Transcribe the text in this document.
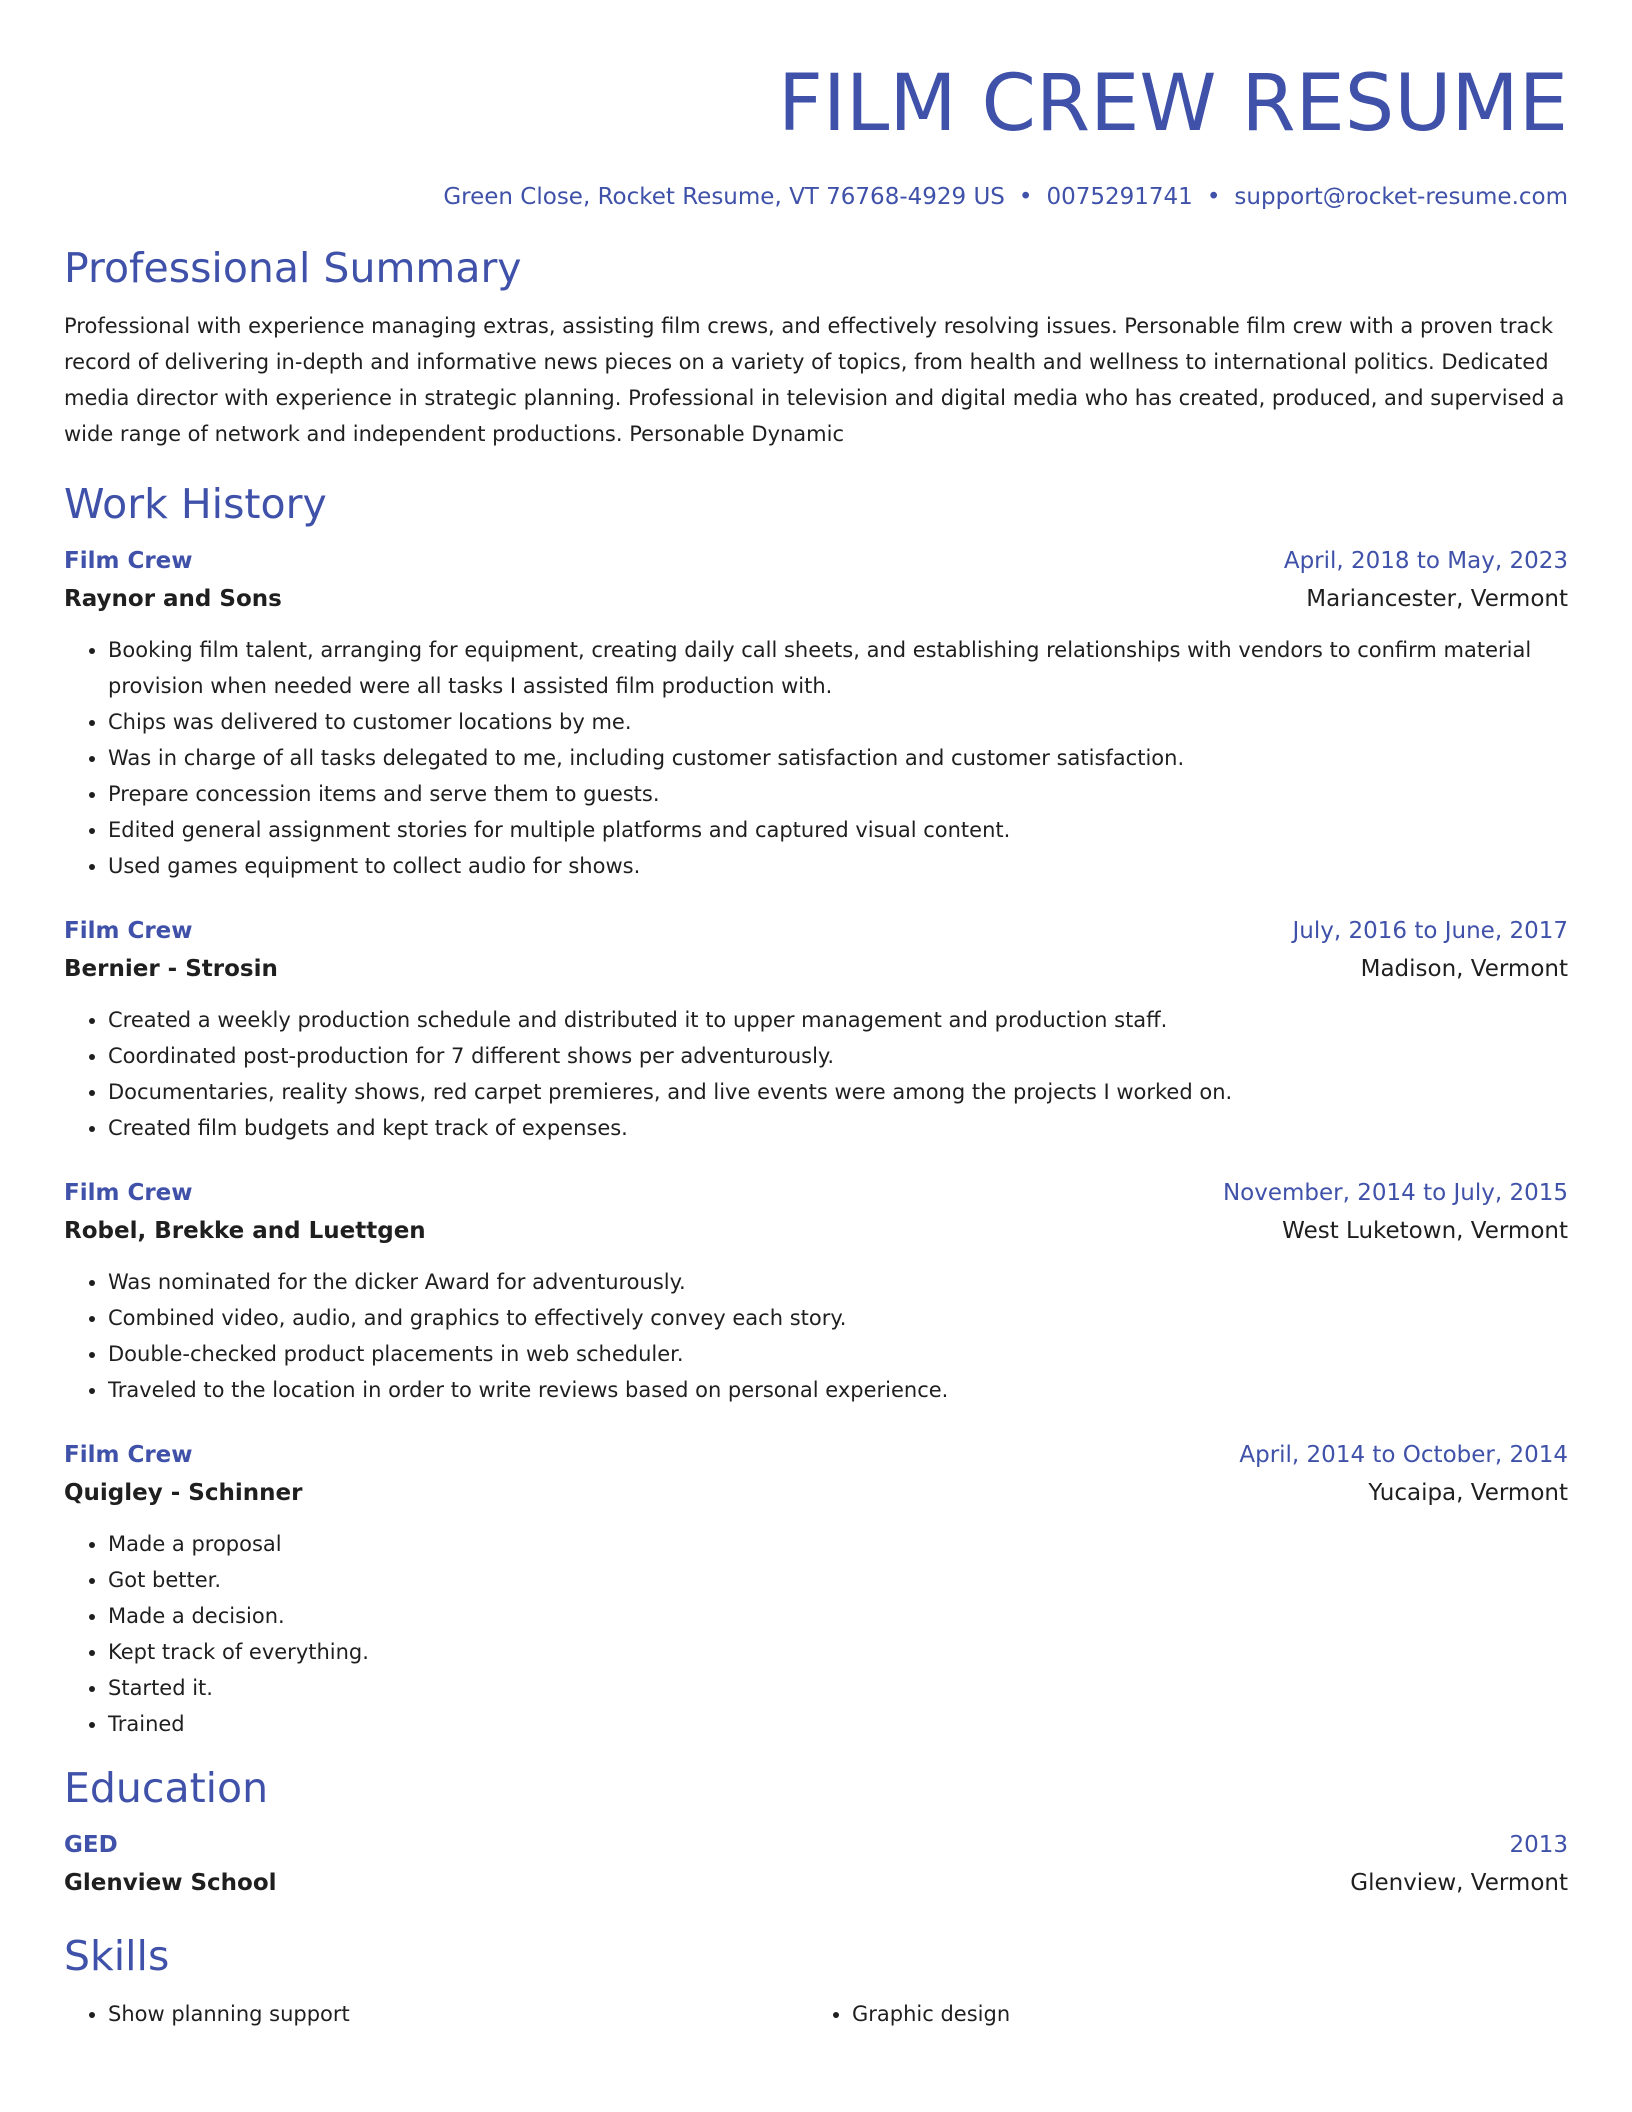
FILM CREW RESUME
Green Close, Rocket Resume, VT 76768-4929 US • 0075291741 • support@rocket-resume.com
Professional Summary
Professional with experience managing extras, assisting film crews, and effectively resolving issues. Personable film crew with a proven track record of delivering in-depth and informative news pieces on a variety of topics, from health and wellness to international politics. Dedicated media director with experience in strategic planning. Professional in television and digital media who has created, produced, and supervised a wide range of network and independent productions. Personable Dynamic
Work History
Film Crew	April, 2018 to May, 2023
Raynor and Sons	Mariancester, Vermont
• Booking film talent, arranging for equipment, creating daily call sheets, and establishing relationships with vendors to confirm material provision when needed were all tasks I assisted film production with.
• Chips was delivered to customer locations by me.
• Was in charge of all tasks delegated to me, including customer satisfaction and customer satisfaction.
• Prepare concession items and serve them to guests.
• Edited general assignment stories for multiple platforms and captured visual content.
• Used games equipment to collect audio for shows.
Film Crew	July, 2016 to June, 2017
Bernier - Strosin	Madison, Vermont
• Created a weekly production schedule and distributed it to upper management and production staff.
• Coordinated post-production for 7 different shows per adventurously.
• Documentaries, reality shows, red carpet premieres, and live events were among the projects I worked on.
• Created film budgets and kept track of expenses.
Film Crew	November, 2014 to July, 2015
Robel, Brekke and Luettgen	West Luketown, Vermont
• Was nominated for the dicker Award for adventurously.
• Combined video, audio, and graphics to effectively convey each story.
• Double-checked product placements in web scheduler.
• Traveled to the location in order to write reviews based on personal experience.
Film Crew	April, 2014 to October, 2014
Quigley - Schinner	Yucaipa, Vermont
• Made a proposal
• Got better.
• Made a decision.
• Kept track of everything.
• Started it.
• Trained
Education
GED	2013
Glenview School	Glenview, Vermont
Skills
• Show planning support
•	Graphic design
